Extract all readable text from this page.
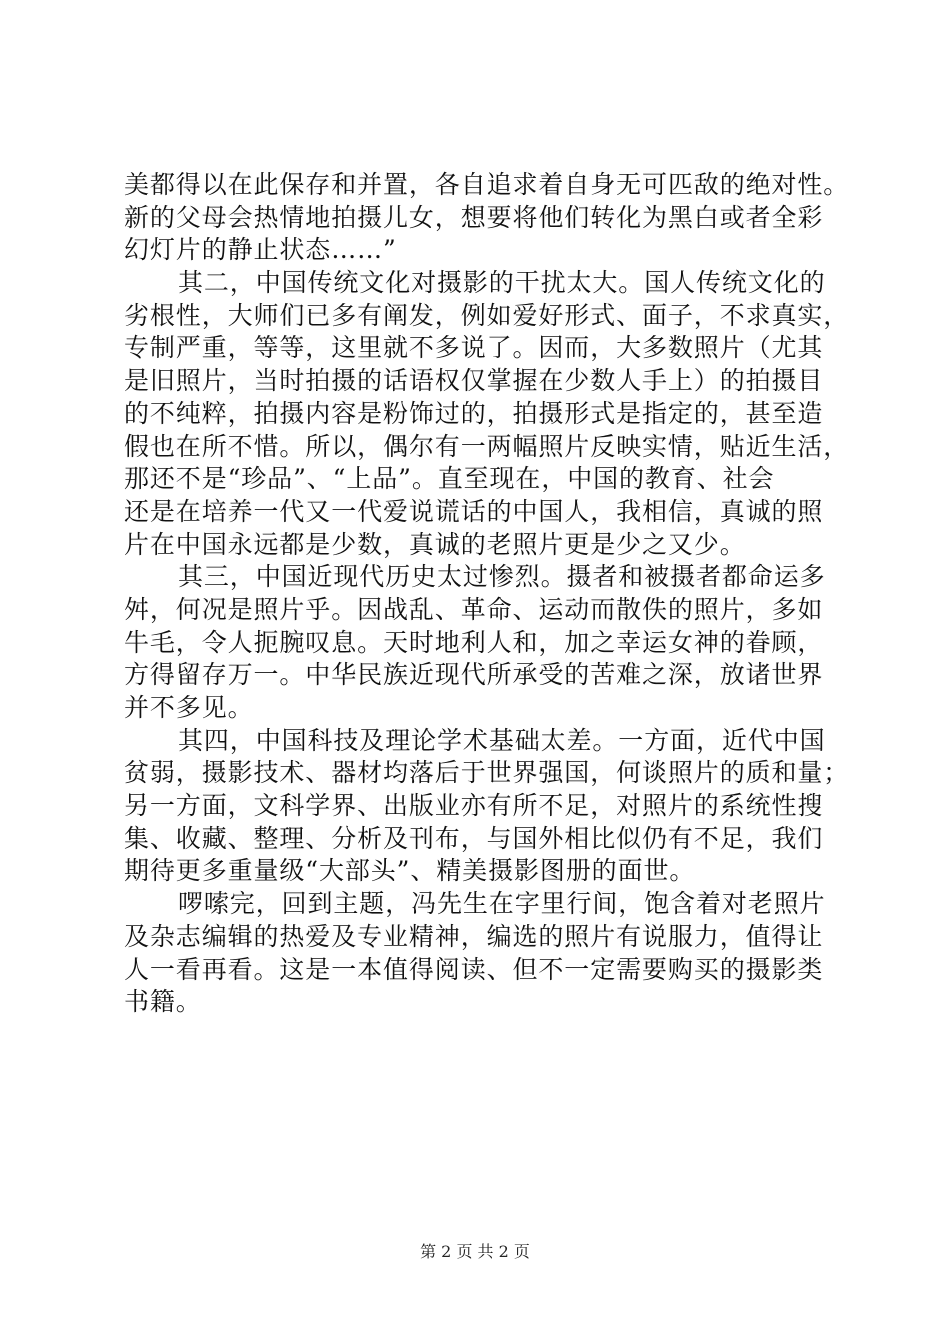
美都得以在此保存和并置，各自追求着自身无可匹敌的绝对性。
新的父母会热情地拍摄儿女，想要将他们转化为黑白或者全彩
幻灯片的静止状态……”
其二，中国传统文化对摄影的干扰太大。国人传统文化的
劣根性，大师们已多有阐发，例如爱好形式、面子，不求真实，
专制严重，等等，这里就不多说了。因而，大多数照片（尤其
是旧照片，当时拍摄的话语权仅掌握在少数人手上）的拍摄目
的不纯粹，拍摄内容是粉饰过的，拍摄形式是指定的，甚至造
假也在所不惜。所以，偶尔有一两幅照片反映实情，贴近生活，
那还不是“珍品”、“上品”。直至现在，中国的教育、社会
还是在培养一代又一代爱说谎话的中国人，我相信，真诚的照
片在中国永远都是少数，真诚的老照片更是少之又少。
其三，中国近现代历史太过惨烈。摄者和被摄者都命运多
舛，何况是照片乎。因战乱、革命、运动而散佚的照片，多如
牛毛，令人扼腕叹息。天时地利人和，加之幸运女神的眷顾，
方得留存万一。中华民族近现代所承受的苦难之深，放诸世界
并不多见。
其四，中国科技及理论学术基础太差。一方面，近代中国
贫弱，摄影技术、器材均落后于世界强国，何谈照片的质和量；
另一方面，文科学界、出版业亦有所不足，对照片的系统性搜
集、收藏、整理、分析及刊布，与国外相比似仍有不足，我们
期待更多重量级“大部头”、精美摄影图册的面世。
啰嗦完，回到主题，冯先生在字里行间，饱含着对老照片
及杂志编辑的热爱及专业精神，编选的照片有说服力，值得让
人一看再看。这是一本值得阅读、但不一定需要购买的摄影类
书籍。
第 2 页 共 2 页
